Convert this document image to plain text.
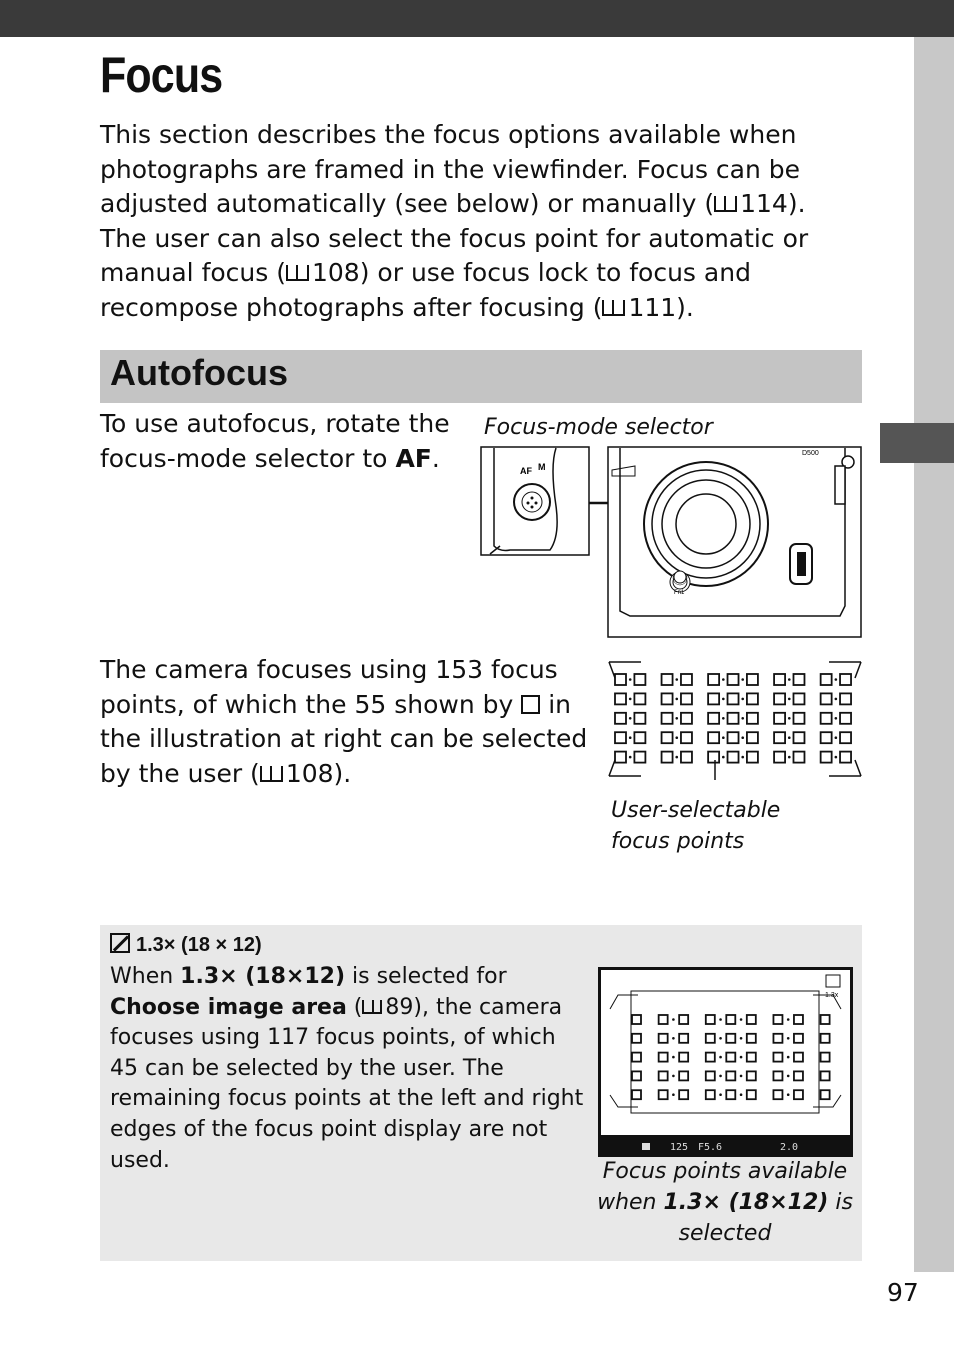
Focus

This section describes the focus options available when photographs are framed in the viewfinder. Focus can be adjusted automatically (see below) or manually ( 114). The user can also select the focus point for automatic or manual focus ( 108) or use focus lock to focus and recompose photographs after focusing ( 111).

Autofocus

To use autofocus, rotate the focus-mode selector to AF.

Focus-mode selector
AF M
Fn1
D500

The camera focuses using 153 focus points, of which the 55 shown by  in the illustration at right can be selected by the user ( 108).

User-selectable focus points
1.3× (18 × 12)

When 1.3× (18×12) is selected for Choose image area ( 89), the camera focuses using 117 focus points, of which 45 can be selected by the user. The remaining focus points at the left and right edges of the focus point display are not used.

1.3x
125 F5.6	2.0
Focus points available when 1.3× (18×12) is selected
97
